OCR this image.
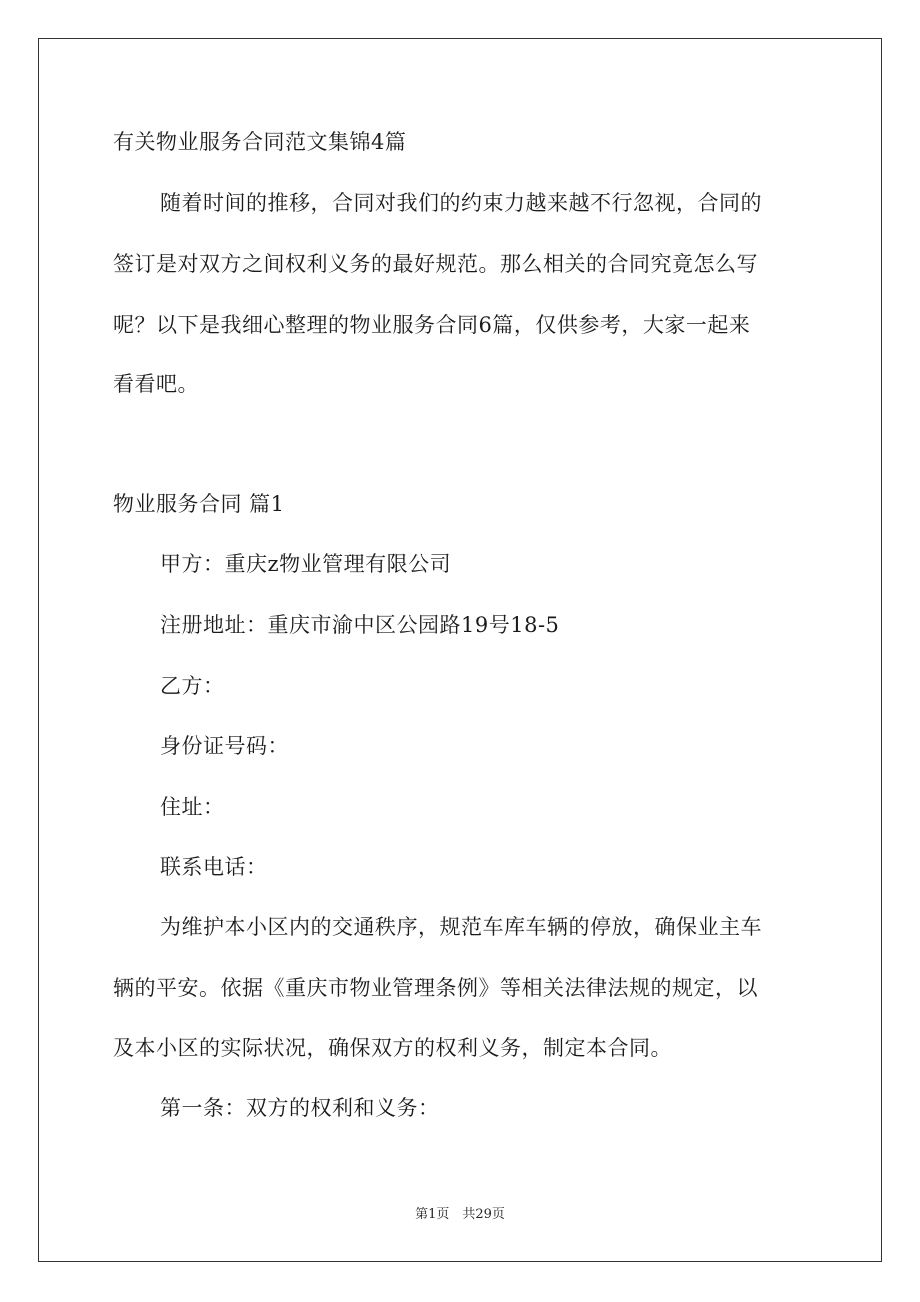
有关物业服务合同范文集锦4篇
随着时间的推移，合同对我们的约束力越来越不行忽视，合同的
签订是对双方之间权利义务的最好规范。那么相关的合同究竟怎么写
呢？以下是我细心整理的物业服务合同6篇，仅供参考，大家一起来
看看吧。
物业服务合同 篇1
甲方：重庆z物业管理有限公司
注册地址：重庆市渝中区公园路19号18-5
乙方：
身份证号码：
住址：
联系电话：
为维护本小区内的交通秩序，规范车库车辆的停放，确保业主车
辆的平安。依据《重庆市物业管理条例》等相关法律法规的规定，以
及本小区的实际状况，确保双方的权利义务，制定本合同。
第一条：双方的权利和义务：
第1页　共29页
